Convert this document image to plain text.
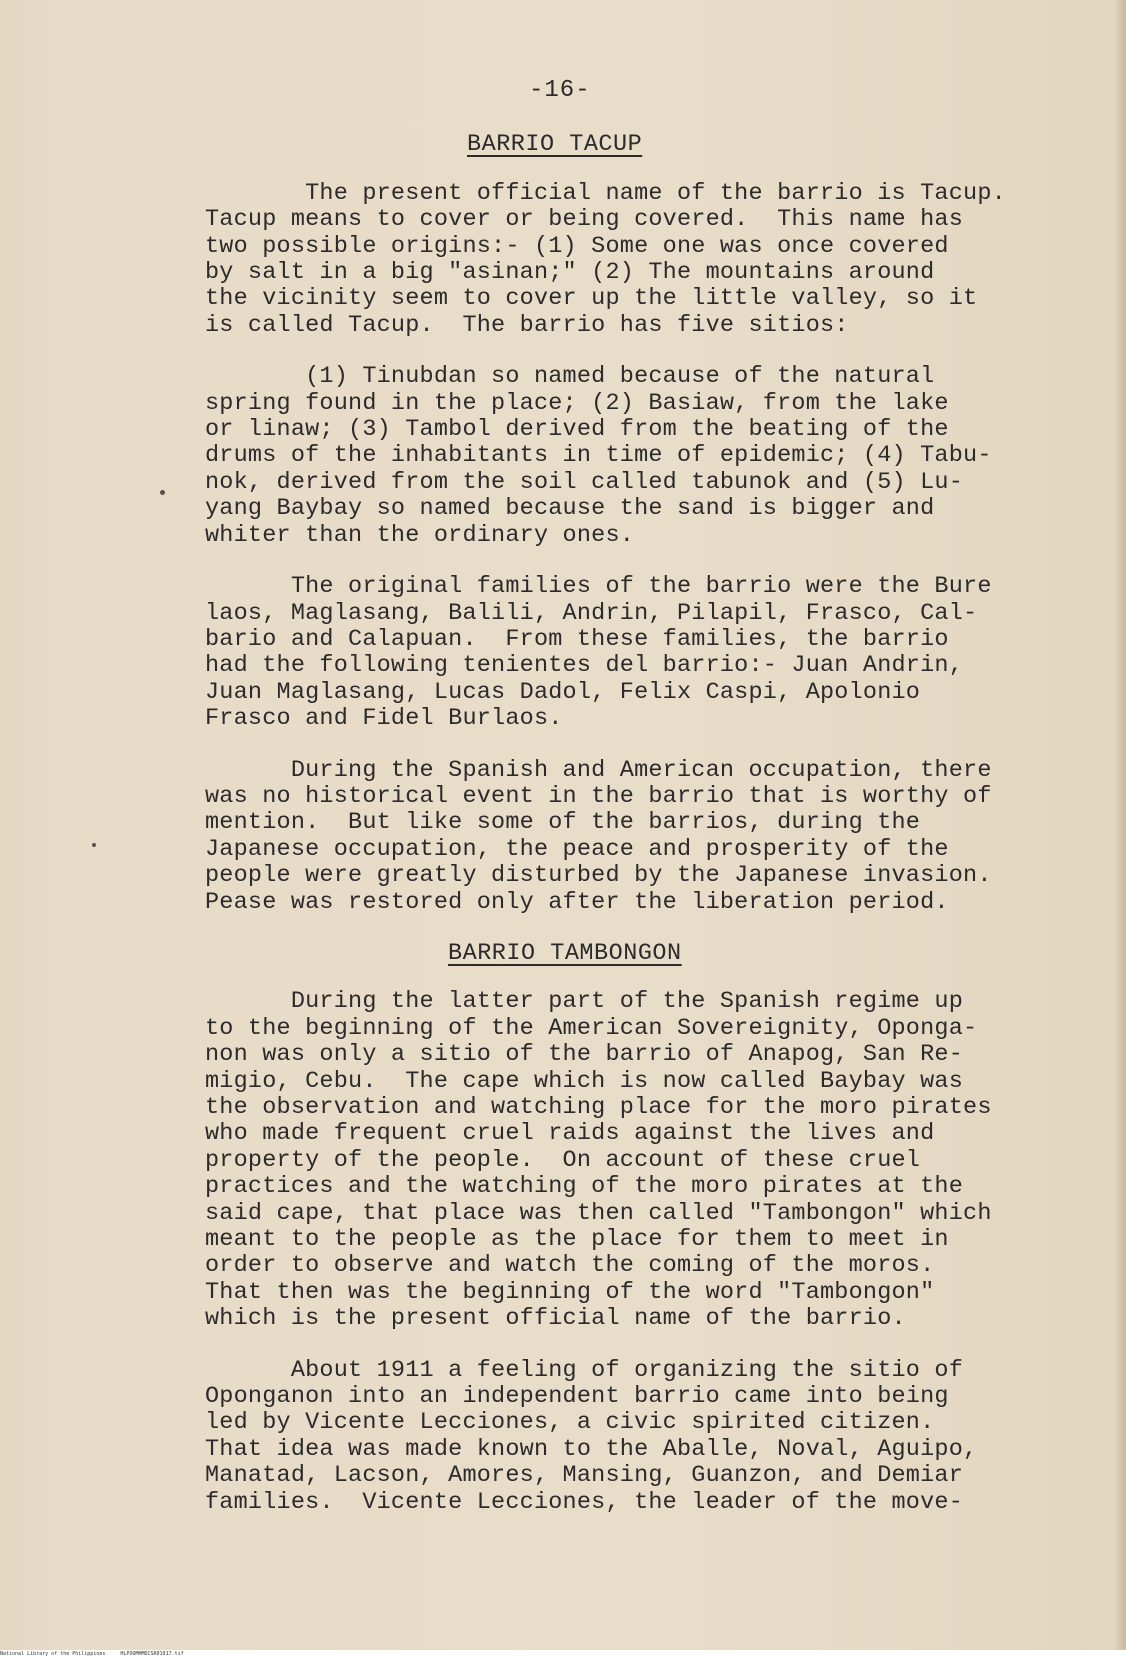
-16-
BARRIO TACUP
The present official name of the barrio is Tacup.
Tacup means to cover or being covered.  This name has
two possible origins:- (1) Some one was once covered
by salt in a big "asinan;" (2) The mountains around
the vicinity seem to cover up the little valley, so it
is called Tacup.  The barrio has five sitios:
(1) Tinubdan so named because of the natural
spring found in the place; (2) Basiaw, from the lake
or linaw; (3) Tambol derived from the beating of the
drums of the inhabitants in time of epidemic; (4) Tabu-
nok, derived from the soil called tabunok and (5) Lu-
yang Baybay so named because the sand is bigger and
whiter than the ordinary ones.
The original families of the barrio were the Bure
laos, Maglasang, Balili, Andrin, Pilapil, Frasco, Cal-
bario and Calapuan.  From these families, the barrio
had the following tenientes del barrio:- Juan Andrin,
Juan Maglasang, Lucas Dadol, Felix Caspi, Apolonio
Frasco and Fidel Burlaos.
During the Spanish and American occupation, there
was no historical event in the barrio that is worthy of
mention.  But like some of the barrios, during the
Japanese occupation, the peace and prosperity of the
people were greatly disturbed by the Japanese invasion.
Pease was restored only after the liberation period.
BARRIO TAMBONGON
During the latter part of the Spanish regime up
to the beginning of the American Sovereignity, Oponga-
non was only a sitio of the barrio of Anapog, San Re-
migio, Cebu.  The cape which is now called Baybay was
the observation and watching place for the moro pirates
who made frequent cruel raids against the lives and
property of the people.  On account of these cruel
practices and the watching of the moro pirates at the
said cape, that place was then called "Tambongon" which
meant to the people as the place for them to meet in
order to observe and watch the coming of the moros.
That then was the beginning of the word "Tambongon"
which is the present official name of the barrio.
About 1911 a feeling of organizing the sitio of
Oponganon into an independent barrio came into being
led by Vicente Lecciones, a civic spirited citizen.
That idea was made known to the Aballe, Noval, Aguipo,
Manatad, Lacson, Amores, Mansing, Guanzon, and Demiar
families.  Vicente Lecciones, the leader of the move-
National Library of the Philippines     HLPOOMHMDCSR01017.tif
